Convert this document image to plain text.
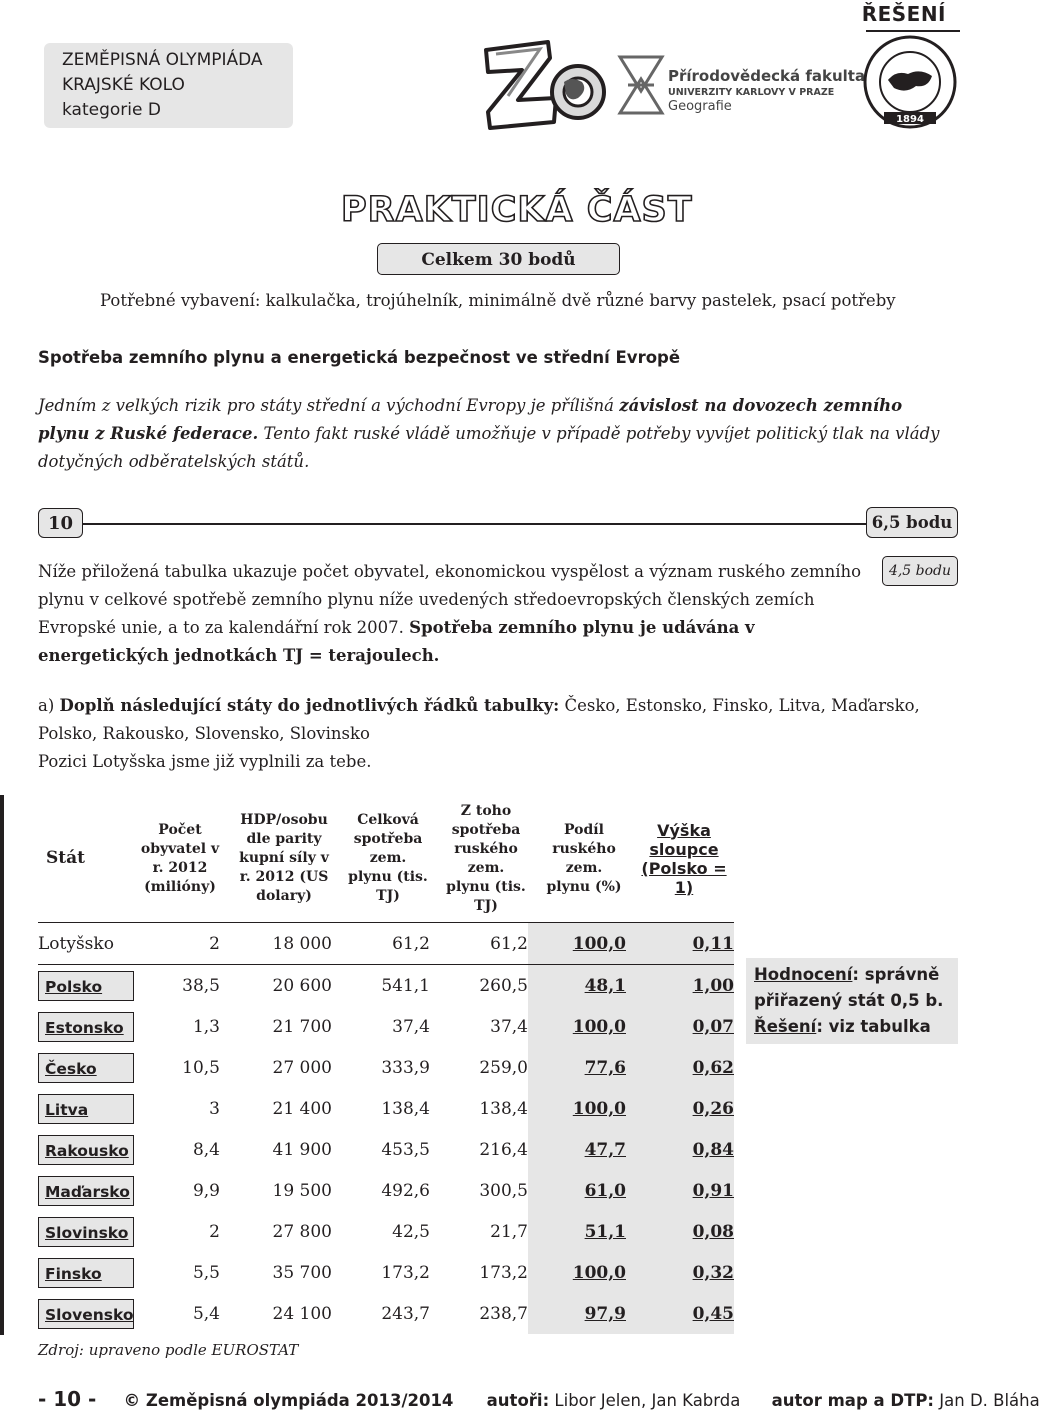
ŘEŠENÍ
ZEMĚPISNÁ OLYMPIÁDA
KRAJSKÉ KOLO
kategorie D
Přírodovědecká fakulta
UNIVERZITY KARLOVY V PRAZE
Geografie
1894
PRAKTICKÁ ČÁST
Celkem 30 bodů
Potřebné vybavení: kalkulačka, trojúhelník, minimálně dvě různé barvy pastelek, psací potřeby
Spotřeba zemního plynu a energetická bezpečnost ve střední Evropě
Jedním z velkých rizik pro státy střední a východní Evropy je přílišná závislost na dovozech zemního plynu z Ruské federace. Tento fakt ruské vládě umožňuje v případě potřeby vyvíjet politický tlak na vlády dotyčných odběratelských států.
10	6,5 bodu
4,5 bodu
Níže přiložená tabulka ukazuje počet obyvatel, ekonomickou vyspělost a význam ruského zemního plynu v celkové spotřebě zemního plynu níže uvedených středoevropských členských zemích Evropské unie, a to za kalendářní rok 2007. Spotřeba zemního plynu je udávána v energetických jednotkách TJ = terajoulech.
a) Doplň následující státy do jednotlivých řádků tabulky: Česko, Estonsko, Finsko, Litva, Maďarsko, Polsko, Rakousko, Slovensko, Slovinsko
Pozici Lotyšska jsme již vyplnili za tebe.
Stát	Počet obyvatel v r. 2012 (milióny)	HDP/osobu dle parity kupní síly v r. 2012 (US dolary)	Celková spotřeba zem. plynu (tis. TJ)	Z toho spotřeba ruského zem. plynu (tis. TJ)	Podíl ruského zem. plynu (%)	Výška
sloupce
(Polsko = 1)

Lotyšsko	2	18 000	61,2	61,2	100,0	0,11

Polsko	38,5	20 600	541,1	260,5	48,1	1,00

Estonsko	1,3	21 700	37,4	37,4	100,0	0,07

Česko	10,5	27 000	333,9	259,0	77,6	0,62

Litva	3	21 400	138,4	138,4	100,0	0,26

Rakousko	8,4	41 900	453,5	216,4	47,7	0,84

Maďarsko	9,9	19 500	492,6	300,5	61,0	0,91

Slovinsko	2	27 800	42,5	21,7	51,1	0,08

Finsko	5,5	35 700	173,2	173,2	100,0	0,32

Slovensko	5,4	24 100	243,7	238,7	97,9	0,45
Hodnocení: správně přiřazený stát 0,5 b.
Řešení: viz tabulka
Zdroj: upraveno podle EUROSTAT
- 10 - © Zeměpisná olympiáda 2013/2014 autoři: Libor Jelen, Jan Kabrda autor map a DTP: Jan D. Bláha
